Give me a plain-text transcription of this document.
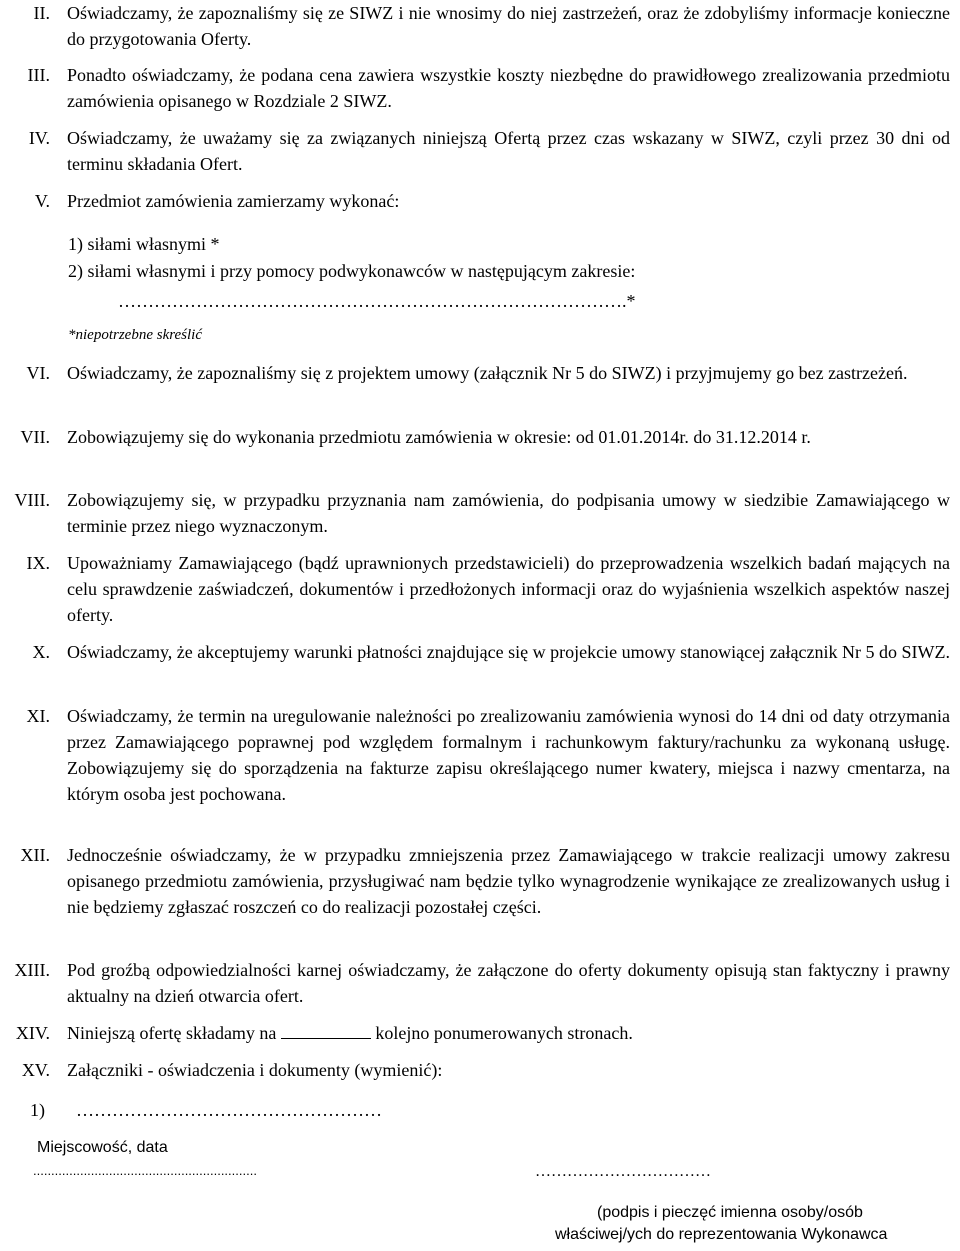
II. Oświadczamy, że zapoznaliśmy się ze SIWZ i nie wnosimy do niej zastrzeżeń, oraz że zdobyliśmy informacje konieczne do przygotowania Oferty.
III. Ponadto oświadczamy, że podana cena zawiera wszystkie koszty niezbędne do prawidłowego zrealizowania przedmiotu zamówienia opisanego w Rozdziale 2 SIWZ.
IV. Oświadczamy, że uważamy się za związanych niniejszą Ofertą przez czas wskazany w SIWZ, czyli przez 30 dni od terminu składania Ofert.
V. Przedmiot zamówienia zamierzamy wykonać:
1) siłami własnymi *
2) siłami własnymi i przy pomocy podwykonawców w następującym zakresie:
………………………………………………………………………….*
*niepotrzebne skreślić
VI. Oświadczamy, że zapoznaliśmy się z projektem umowy (załącznik Nr 5 do SIWZ) i przyjmujemy go bez zastrzeżeń.
VII. Zobowiązujemy się do wykonania przedmiotu zamówienia w okresie: od 01.01.2014r. do 31.12.2014 r.
VIII. Zobowiązujemy się, w przypadku przyznania nam zamówienia, do podpisania umowy w siedzibie Zamawiającego w terminie przez niego wyznaczonym.
IX. Upoważniamy Zamawiającego (bądź uprawnionych przedstawicieli) do przeprowadzenia wszelkich badań mających na celu sprawdzenie zaświadczeń, dokumentów i przedłożonych informacji oraz do wyjaśnienia wszelkich aspektów naszej oferty.
X. Oświadczamy, że akceptujemy warunki płatności znajdujące się w projekcie umowy stanowiącej załącznik Nr 5 do SIWZ.
XI. Oświadczamy, że termin na uregulowanie należności po zrealizowaniu zamówienia wynosi do 14 dni od daty otrzymania przez Zamawiającego poprawnej pod względem formalnym i rachunkowym faktury/rachunku za wykonaną usługę. Zobowiązujemy się do sporządzenia na fakturze zapisu określającego numer kwatery, miejsca i nazwy cmentarza, na którym osoba jest pochowana.
XII. Jednocześnie oświadczamy, że w przypadku zmniejszenia przez Zamawiającego w trakcie realizacji umowy zakresu opisanego przedmiotu zamówienia, przysługiwać nam będzie tylko wynagrodzenie wynikające ze zrealizowanych usług i nie będziemy zgłaszać roszczeń co do realizacji pozostałej części.
XIII. Pod groźbą odpowiedzialności karnej oświadczamy, że załączone do oferty dokumenty opisują stan faktyczny i prawny aktualny na dzień otwarcia ofert.
XIV. Niniejszą ofertę składamy na	kolejno ponumerowanych stronach.
XV. Załączniki - oświadczenia i dokumenty (wymienić):
1) ……………………………………………
Miejscowość, data
..............................................................	……………………………
(podpis i pieczęć imienna osoby/osób
właściwej/ych do reprezentowania Wykonawca
